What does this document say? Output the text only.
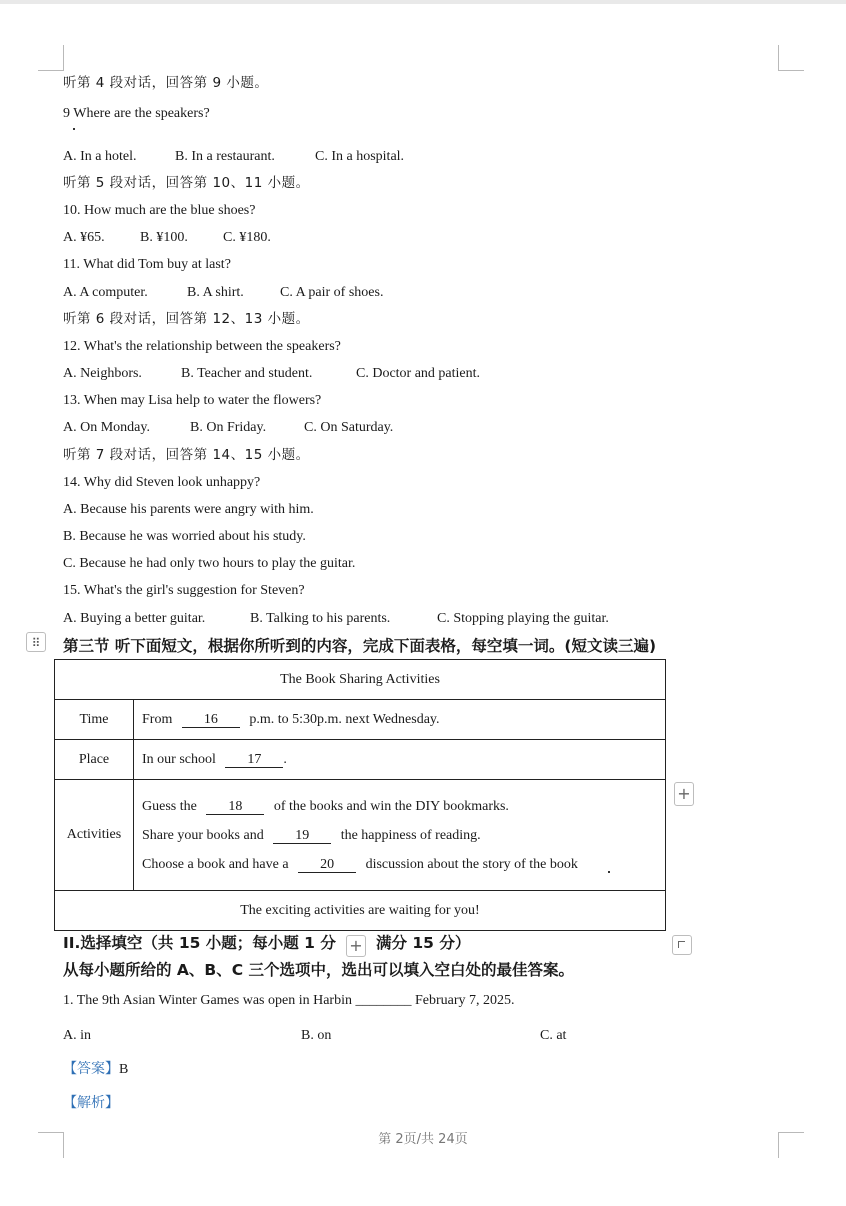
听第 4 段对话，回答第 9 小题。
9 Where are the speakers?
A. In a hotel.	B. In a restaurant.	C. In a hospital.
听第 5 段对话，回答第 10、11 小题。
10. How much are the blue shoes?
A. ¥65.	B. ¥100.	C. ¥180.
11. What did Tom buy at last?
A. A computer.	B. A shirt.	C. A pair of shoes.
听第 6 段对话，回答第 12、13 小题。
12. What's the relationship between the speakers?
A. Neighbors.	B. Teacher and student.	C. Doctor and patient.
13. When may Lisa help to water the flowers?
A. On Monday.	B. On Friday.	C. On Saturday.
听第 7 段对话，回答第 14、15 小题。
14. Why did Steven look unhappy?
A. Because his parents were angry with him.
B. Because he was worried about his study.
C. Because he had only two hours to play the guitar.
15. What's the girl's suggestion for Steven?
A. Buying a better guitar.	B. Talking to his parents.	C. Stopping playing the guitar.
⠿	第三节 听下面短文，根据你所听到的内容，完成下面表格，每空填一词。(短文读三遍)
The Book Sharing Activities	
Time	From 16 p.m. to 5:30p.m. next Wednesday.
Place	In our school 17 .
Activities	Guess the 18 of the books and win the DIY bookmarks.
Share your books and 19 the happiness of reading.
Choose a book and have a 20 discussion about the story of the book

The exciting activities are waiting for you!	
+
II.选择填空（共 15 小题；每小题 1 分 + 满分 15 分）
从每小题所给的 A、B、C 三个选项中，选出可以填入空白处的最佳答案。
1. The 9th Asian Winter Games was open in Harbin ________ February 7, 2025.
A. in	B. on	C. at
【答案】B
【解析】
第 2页/共 24页
